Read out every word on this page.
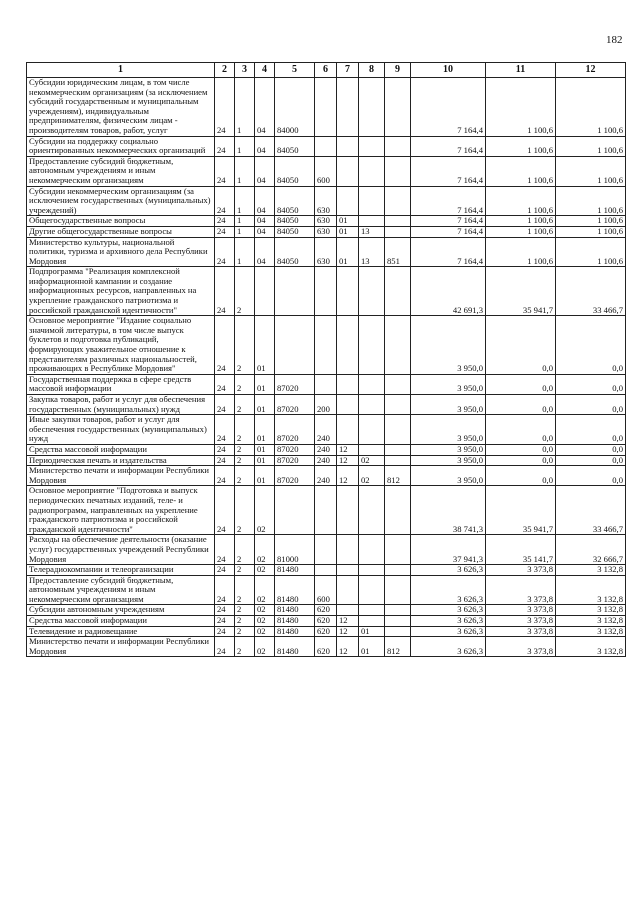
182
1	2	3	4	5	6	7	8	9	10	11	12
Субсидии юридическим лицам, в том числе некоммерческим организациям (за исключением субсидий государственным и муниципальным учреждениям), индивидуальным предпринимателям, физическим лицам - производителям товаров, работ, услуг	24	1	04	84000					7 164,4	1 100,6	1 100,6
Субсидии на поддержку социально ориентированных некоммерческих организаций	24	1	04	84050					7 164,4	1 100,6	1 100,6
Предоставление субсидий бюджетным, автономным учреждениям и иным некоммерческим организациям	24	1	04	84050	600				7 164,4	1 100,6	1 100,6
Субсидии некоммерческим организациям (за исключением государственных (муниципальных) учреждений)	24	1	04	84050	630				7 164,4	1 100,6	1 100,6
Общегосударственные вопросы	24	1	04	84050	630	01			7 164,4	1 100,6	1 100,6
Другие общегосударственные вопросы	24	1	04	84050	630	01	13		7 164,4	1 100,6	1 100,6
Министерство культуры, национальной политики, туризма и архивного дела Республики Мордовия	24	1	04	84050	630	01	13	851	7 164,4	1 100,6	1 100,6
Подпрограмма "Реализация комплексной информационной кампании и создание информационных ресурсов, направленных на укрепление гражданского патриотизма и российской гражданской идентичности"	24	2							42 691,3	35 941,7	33 466,7
Основное мероприятие "Издание социально значимой литературы, в том числе выпуск буклетов и подготовка публикаций, формирующих уважительное отношение к представителям различных национальностей, проживающих в Республике Мордовия"	24	2	01						3 950,0	0,0	0,0
Государственная поддержка в сфере средств массовой информации	24	2	01	87020					3 950,0	0,0	0,0
Закупка товаров, работ и услуг для обеспечения государственных (муниципальных) нужд	24	2	01	87020	200				3 950,0	0,0	0,0
Иные закупки товаров, работ и услуг для обеспечения государственных (муниципальных) нужд	24	2	01	87020	240				3 950,0	0,0	0,0
Средства массовой информации	24	2	01	87020	240	12			3 950,0	0,0	0,0
Периодическая печать и издательства	24	2	01	87020	240	12	02		3 950,0	0,0	0,0
Министерство печати и информации Республики Мордовия	24	2	01	87020	240	12	02	812	3 950,0	0,0	0,0
Основное мероприятие "Подготовка и выпуск периодических печатных изданий, теле- и радиопрограмм, направленных на укрепление гражданского патриотизма и российской гражданской идентичности"	24	2	02						38 741,3	35 941,7	33 466,7
Расходы на обеспечение деятельности (оказание услуг) государственных учреждений Республики Мордовия	24	2	02	81000					37 941,3	35 141,7	32 666,7
Телерадиокомпании и телеорганизации	24	2	02	81480					3 626,3	3 373,8	3 132,8
Предоставление субсидий бюджетным, автономным учреждениям и иным некоммерческим организациям	24	2	02	81480	600				3 626,3	3 373,8	3 132,8
Субсидии автономным учреждениям	24	2	02	81480	620				3 626,3	3 373,8	3 132,8
Средства массовой информации	24	2	02	81480	620	12			3 626,3	3 373,8	3 132,8
Телевидение и радиовещание	24	2	02	81480	620	12	01		3 626,3	3 373,8	3 132,8
Министерство печати и информации Республики Мордовия	24	2	02	81480	620	12	01	812	3 626,3	3 373,8	3 132,8
